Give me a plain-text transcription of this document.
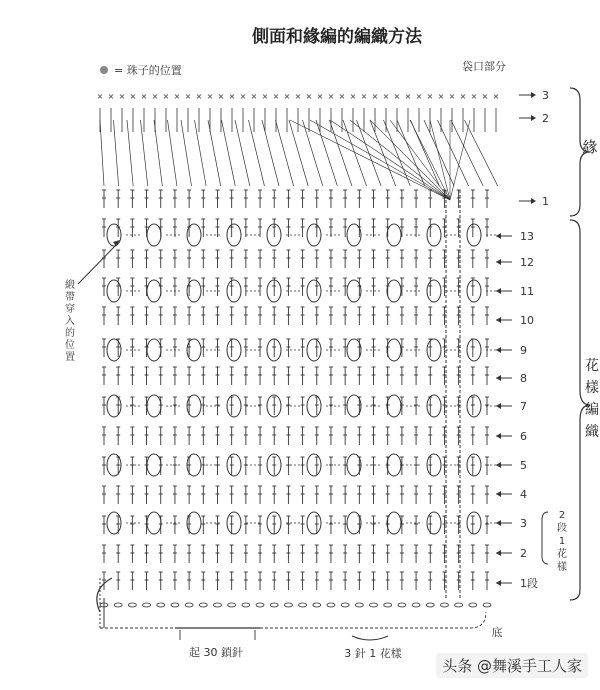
側面和緣編的編織方法
= 珠子的位置	袋口部分
緣
底
起 30 鎖針	3 針 1 花樣
× × × × × × × × × × × × × × × × × × × × × × × × × × × × × × × × × × × × ×	3
2
1
13
12
11
10
9
8
7
6
5
4
3
2
1段
花
樣
編
織
2
段
1
花
樣
緞
帶
穿
入
的
位
置
头条 @舞溪手工人家
